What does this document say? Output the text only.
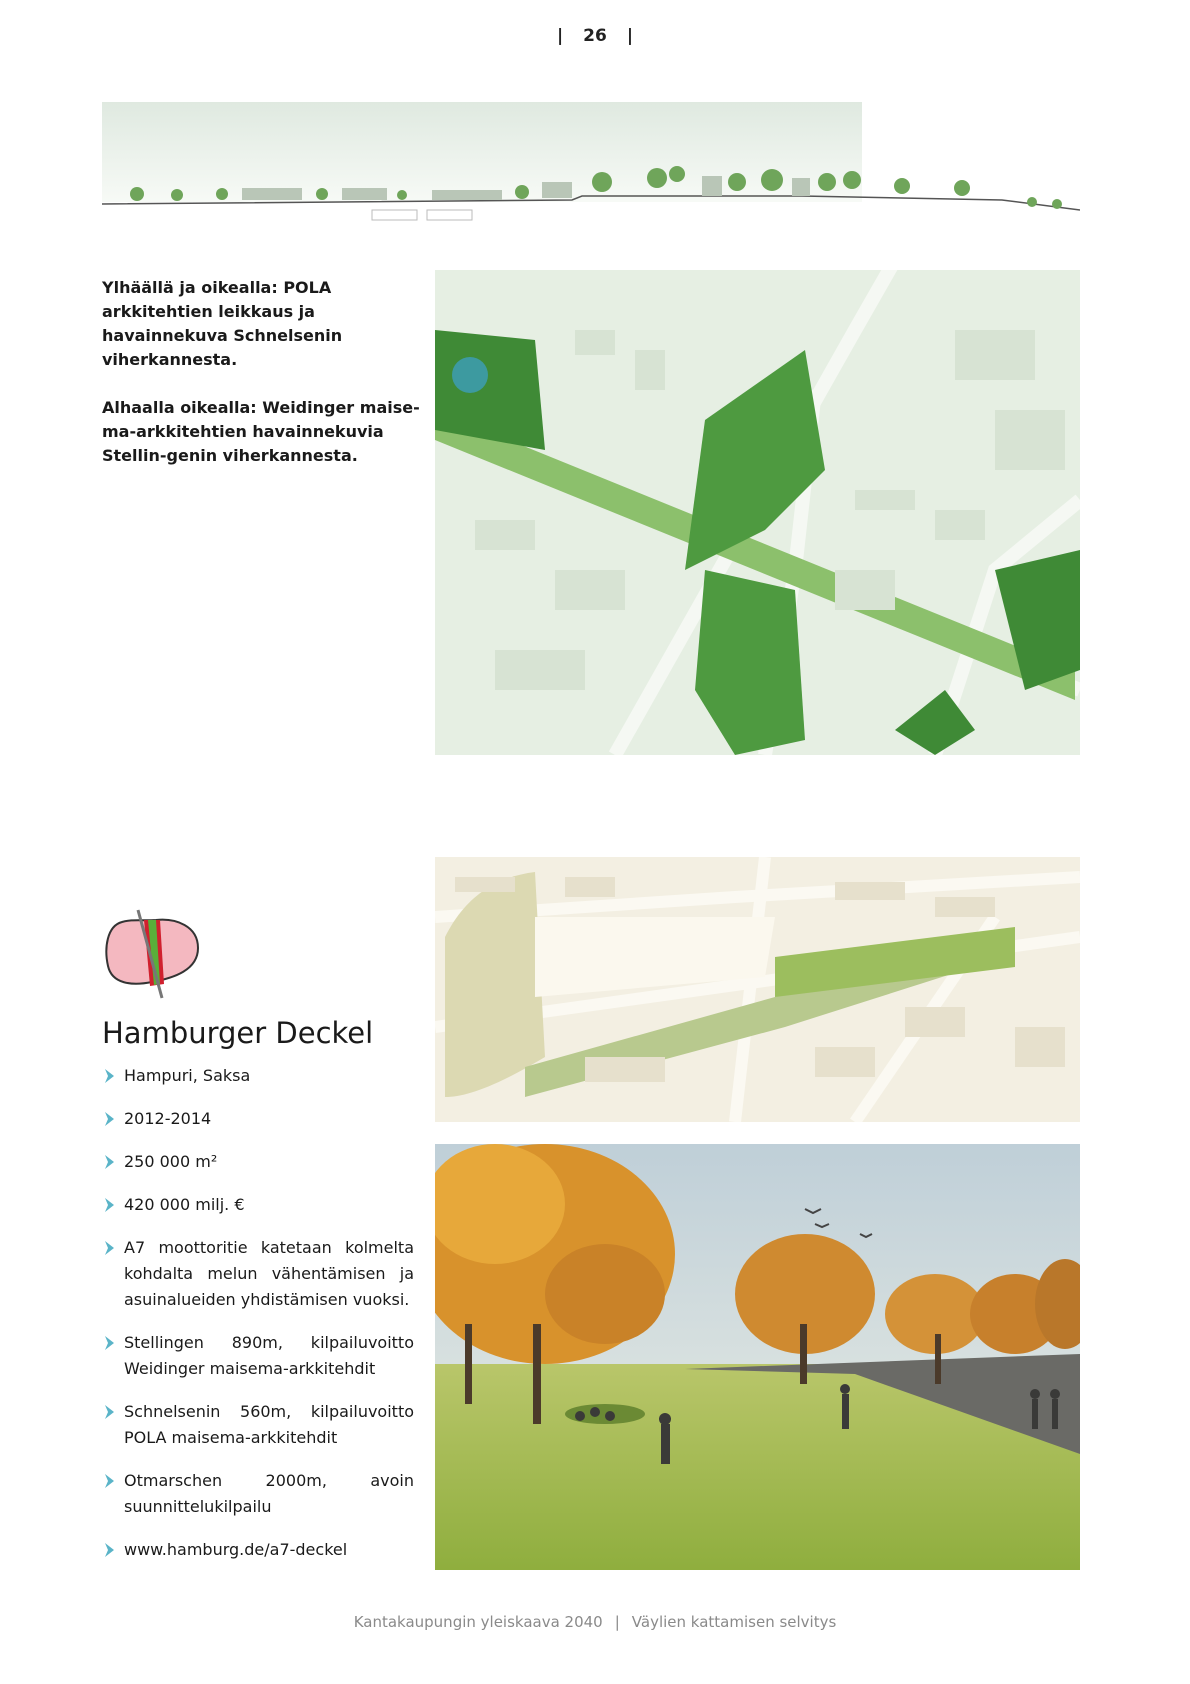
| 26 |

Ylhäällä ja oikealla: POLA arkkitehtien leikkaus ja havainnekuva Schnelsenin viherkannesta.

Alhaalla oikealla: Weidinger maise-ma-arkkitehtien havainnekuvia Stellin-genin viherkannesta.

Hamburger Deckel
Hampuri, Saksa
2012-2014
250 000 m²
420 000 milj. €
A7 moottoritie katetaan kolmelta kohdalta melun vähentämisen ja asuinalueiden yhdistämisen vuoksi.
Stellingen 890m, kilpailuvoitto Weidinger maisema-arkkitehdit
Schnelsenin 560m, kilpailuvoitto POLA maisema-arkkitehdit
Otmarschen 2000m, avoin suunnittelukilpailu
www.hamburg.de/a7-deckel
Kantakaupungin yleiskaava 2040 | Väylien kattamisen selvitys
